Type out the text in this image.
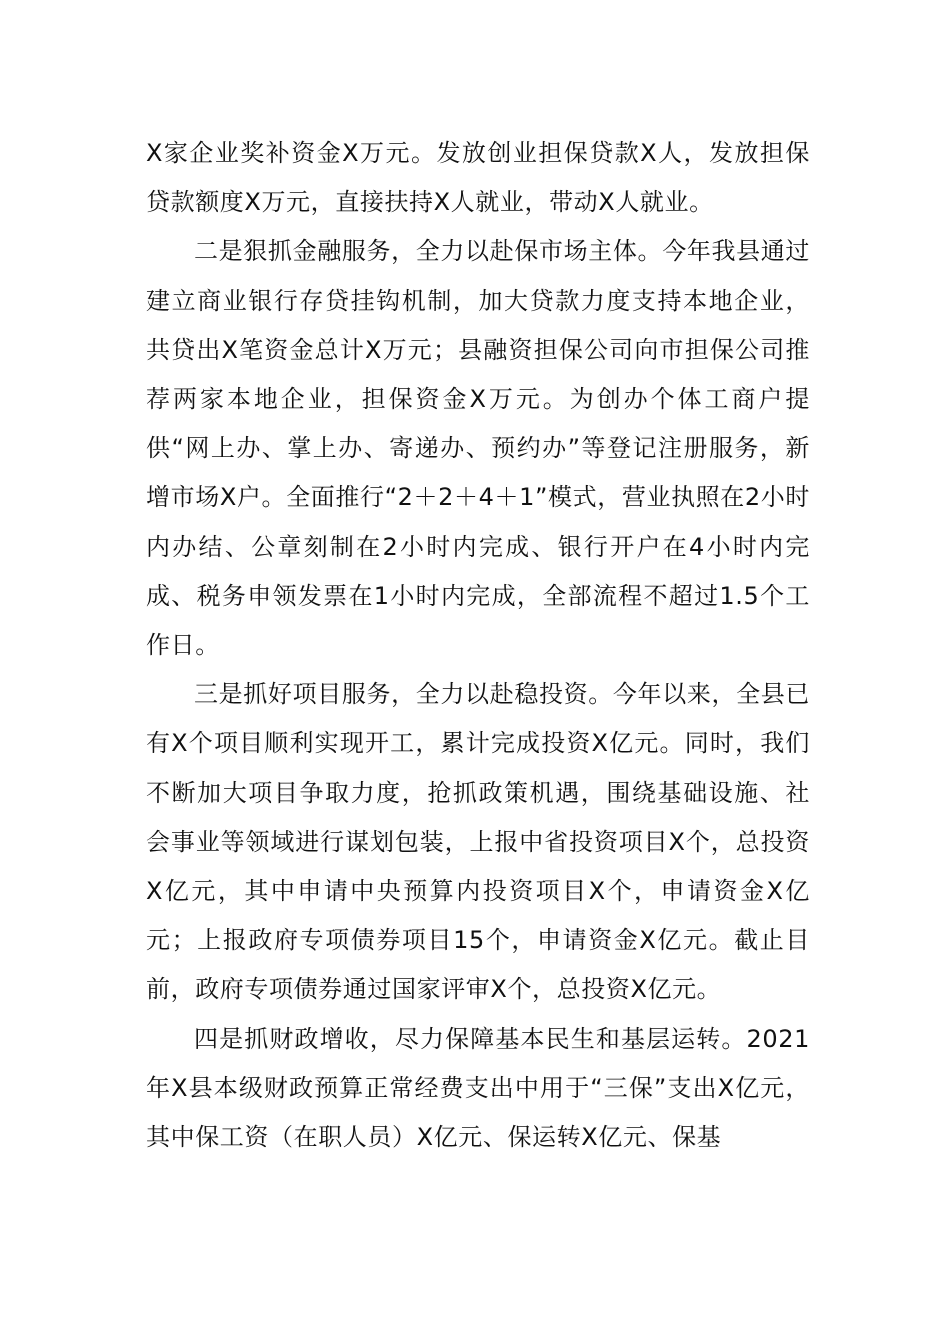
X家企业奖补资金X万元。发放创业担保贷款X人，发放担保贷款额度X万元，直接扶持X人就业，带动X人就业。

二是狠抓金融服务，全力以赴保市场主体。今年我县通过建立商业银行存贷挂钩机制，加大贷款力度支持本地企业，共贷出X笔资金总计X万元；县融资担保公司向市担保公司推荐两家本地企业，担保资金X万元。为创办个体工商户提供“网上办、掌上办、寄递办、预约办”等登记注册服务，新增市场X户。全面推行“2＋2＋4＋1”模式，营业执照在2小时内办结、公章刻制在2小时内完成、银行开户在4小时内完成、税务申领发票在1小时内完成，全部流程不超过1.5个工作日。

三是抓好项目服务，全力以赴稳投资。今年以来，全县已有X个项目顺利实现开工，累计完成投资X亿元。同时，我们不断加大项目争取力度，抢抓政策机遇，围绕基础设施、社会事业等领域进行谋划包装，上报中省投资项目X个，总投资X亿元，其中申请中央预算内投资项目X个，申请资金X亿元；上报政府专项债券项目15个，申请资金X亿元。截止目前，政府专项债券通过国家评审X个，总投资X亿元。

四是抓财政增收，尽力保障基本民生和基层运转。2021年X县本级财政预算正常经费支出中用于“三保”支出X亿元，其中保工资（在职人员）X亿元、保运转X亿元、保基
